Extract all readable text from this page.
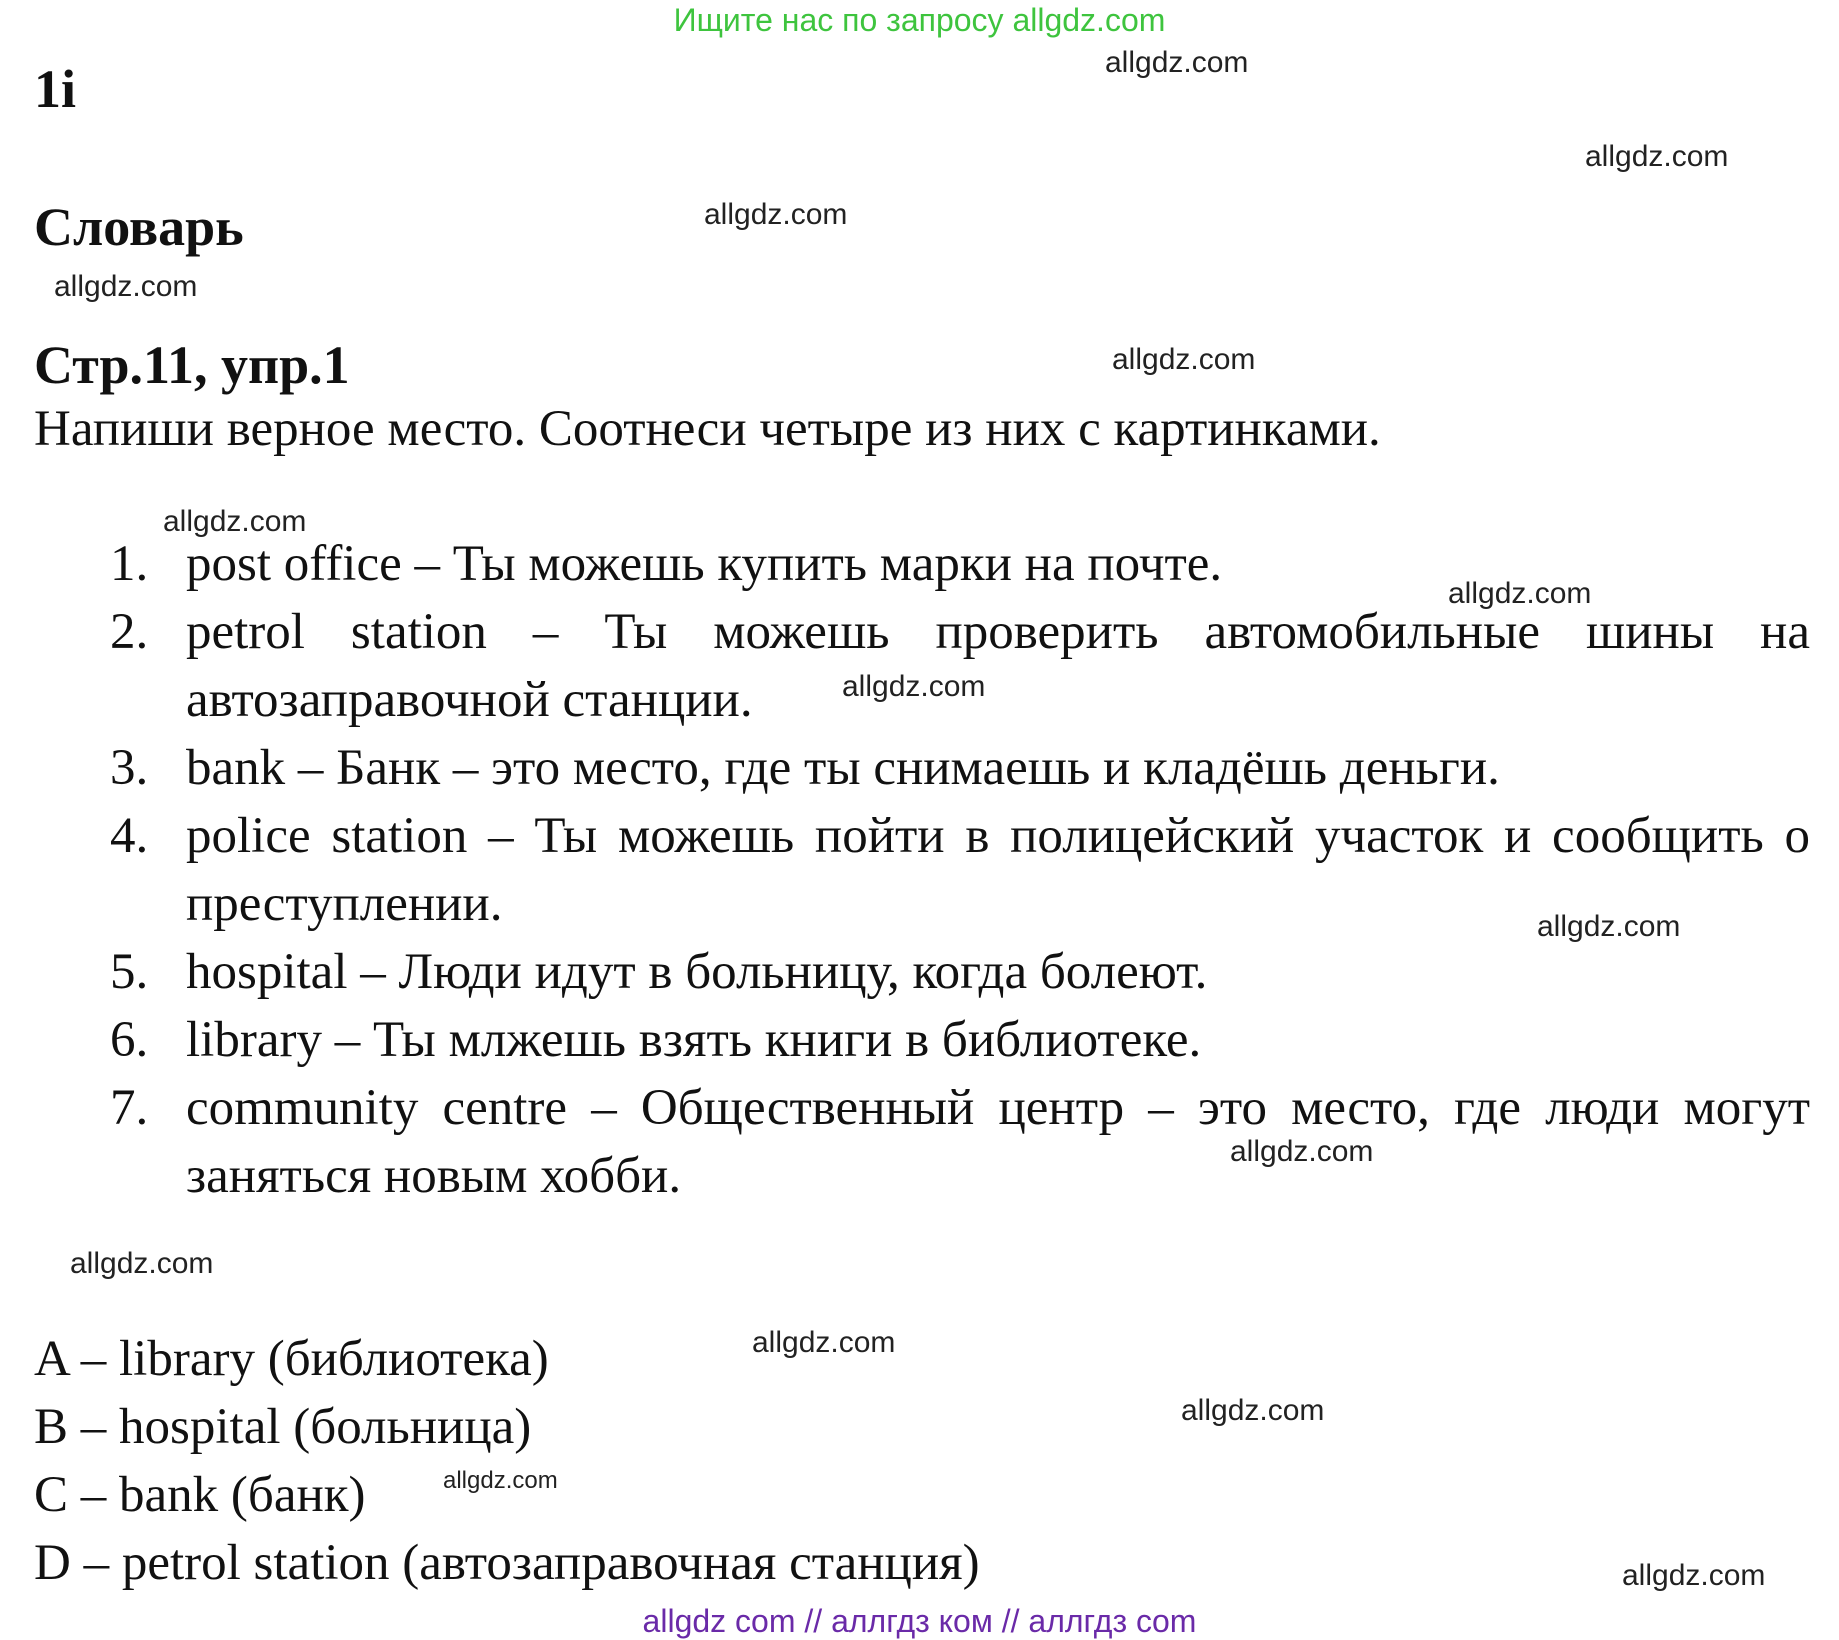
Ищите нас по запросу allgdz.com
1i
Словарь
Стр.11, упр.1
Напиши верное место. Соотнеси четыре из них с картинками.
1. post office – Ты можешь купить марки на почте.
2. petrol station – Ты можешь проверить автомобильные шины на автозаправочной станции.
3. bank – Банк – это место, где ты снимаешь и кладёшь деньги.
4. police station – Ты можешь пойти в полицейский участок и сообщить о преступлении.
5. hospital – Люди идут в больницу, когда болеют.
6. library – Ты млжешь взять книги в библиотеке.
7. community centre – Общественный центр – это место, где люди могут заняться новым хобби.
A – library (библиотека)
B – hospital (больница)
C – bank (банк)
D – petrol station (автозаправочная станция)
allgdz.com
allgdz.com
allgdz.com
allgdz.com
allgdz.com
allgdz.com
allgdz.com
allgdz.com
allgdz.com
allgdz.com
allgdz.com
allgdz.com
allgdz.com
allgdz.com
allgdz.com
allgdz com // аллгдз ком // аллгдз com
